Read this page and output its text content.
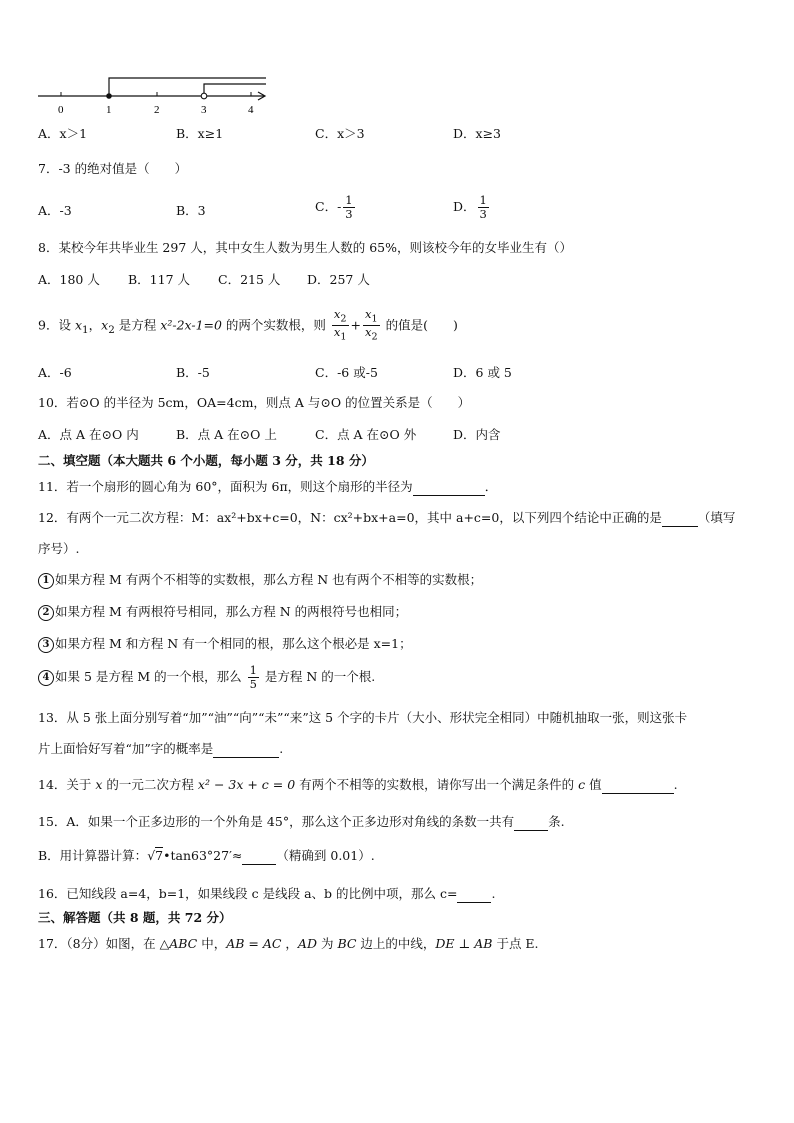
0	1	2	3	4
A．x＞1	B．x≥1	C．x＞3	D．x≥3
7．-3 的绝对值是（　　）
A．-3	B．3	C．- $\frac{1}{3}$	D． $\frac{1}{3}$
8．某校今年共毕业生 297 人，其中女生人数为男生人数的 65%，则该校今年的女毕业生有（）
A．180 人 B．117 人 C．215 人 D．257 人
9．设 $x_1$，$x_2$ 是方程 x²-2x-1=0 的两个实数根，则 $\frac{x_2}{x_1} + \frac{x_1}{x_2}$ 的值是(　　)
A．-6	B．-5	C．-6 或-5	D．6 或 5
10．若⊙O 的半径为 5cm，OA=4cm，则点 A 与⊙O 的位置关系是（　　）
A．点 A 在⊙O 内	B．点 A 在⊙O 上	C．点 A 在⊙O 外	D．内含
二、填空题（本大题共 6 个小题，每小题 3 分，共 18 分）
11．若一个扇形的圆心角为 60°，面积为 6π，则这个扇形的半径为	．
12．有两个一元二次方程：M：ax²+bx+c=0，N：cx²+bx+a=0，其中 a+c=0，以下列四个结论中正确的是	（填写
序号）.
1 如果方程 M 有两个不相等的实数根，那么方程 N 也有两个不相等的实数根；
2 如果方程 M 有两根符号相同，那么方程 N 的两根符号也相同；
3 如果方程 M 和方程 N 有一个相同的根，那么这个根必是 x=1；
4 如果 5 是方程 M 的一个根，那么 $\frac{1}{5}$ 是方程 N 的一个根.
13．从 5 张上面分别写着“加”“油”“向”“未”“来”这 5 个字的卡片（大小、形状完全相同）中随机抽取一张，则这张卡
片上面恰好写着“加”字的概率是	.
14．关于 x 的一元二次方程 x² − 3x + c = 0 有两个不相等的实数根，请你写出一个满足条件的 c 值	.
15．A．如果一个正多边形的一个外角是 45°，那么这个正多边形对角线的条数一共有	条.
B．用计算器计算：√7•tan63°27′≈	（精确到 0.01）.
16．已知线段 a=4，b=1，如果线段 c 是线段 a、b 的比例中项，那么 c=	.
三、解答题（共 8 题，共 72 分）
17．（8分）如图，在 △ABC 中，AB = AC ，AD 为 BC 边上的中线，DE ⊥ AB 于点 E.
